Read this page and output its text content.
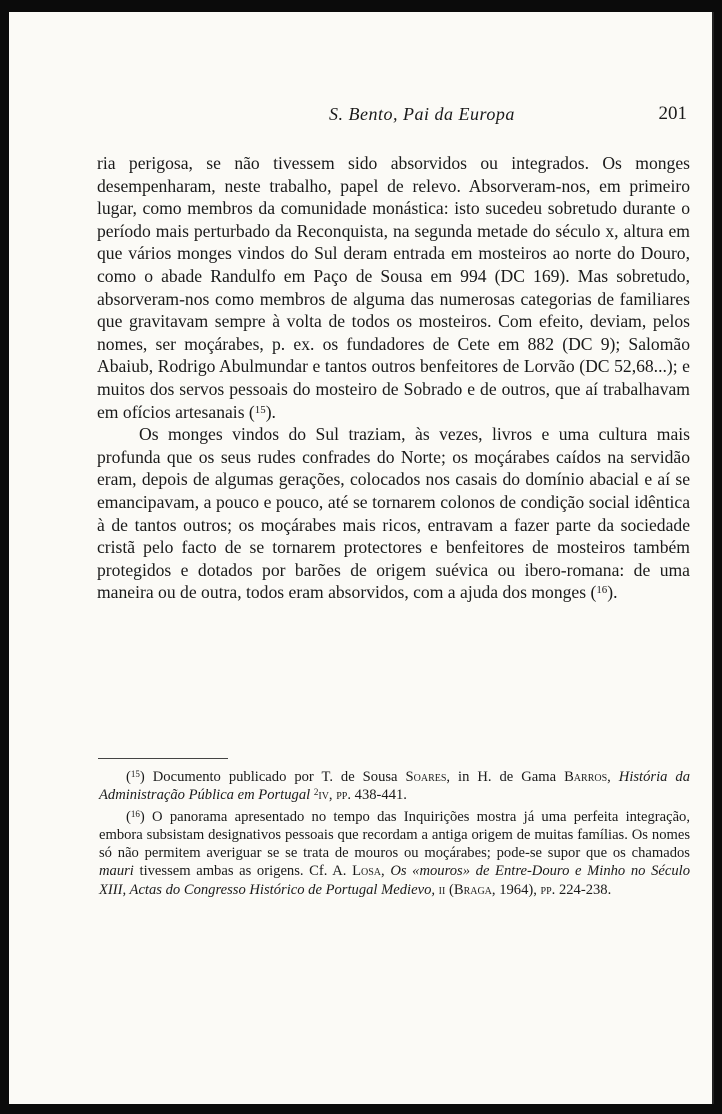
S. Bento, Pai da Europa	201

ria perigosa, se não tivessem sido absorvidos ou integrados. Os monges desempenharam, neste trabalho, papel de relevo. Absorveram-nos, em primeiro lugar, como membros da comunidade monástica: isto sucedeu sobretudo durante o período mais perturbado da Reconquista, na segunda metade do século x, altura em que vários monges vindos do Sul deram entrada em mosteiros ao norte do Douro, como o abade Randulfo em Paço de Sousa em 994 (DC 169). Mas sobretudo, absorveram-nos como membros de alguma das numerosas categorias de familiares que gravitavam sempre à volta de todos os mosteiros. Com efeito, deviam, pelos nomes, ser moçárabes, p. ex. os fundadores de Cete em 882 (DC 9); Salomão Abaiub, Rodrigo Abulmundar e tantos outros benfeitores de Lorvão (DC 52,68...); e muitos dos servos pessoais do mosteiro de Sobrado e de outros, que aí trabalhavam em ofícios artesanais ($^{15}$).

Os monges vindos do Sul traziam, às vezes, livros e uma cultura mais profunda que os seus rudes confrades do Norte; os moçárabes caídos na servidão eram, depois de algumas gerações, colocados nos casais do domínio abacial e aí se emancipavam, a pouco e pouco, até se tornarem colonos de condição social idêntica à de tantos outros; os moçárabes mais ricos, entravam a fazer parte da sociedade cristã pelo facto de se tornarem protectores e benfeitores de mosteiros também protegidos e dotados por barões de origem suévica ou ibero-romana: de uma maneira ou de outra, todos eram absorvidos, com a ajuda dos monges ($^{16}$).

($^{15}$) Documento publicado por T. de Sousa Soares, in H. de Gama Barros, História da Administração Pública em Portugal $^2$iv, pp. 438-441.

($^{16}$) O panorama apresentado no tempo das Inquirições mostra já uma perfeita integração, embora subsistam designativos pessoais que recordam a antiga origem de muitas famílias. Os nomes só não permitem averiguar se se trata de mouros ou moçárabes; pode-se supor que os chamados mauri tivessem ambas as origens. Cf. A. Losa, Os «mouros» de Entre-Douro e Minho no Século XIII, Actas do Congresso Histórico de Portugal Medievo, ii (Braga, 1964), pp. 224-238.
